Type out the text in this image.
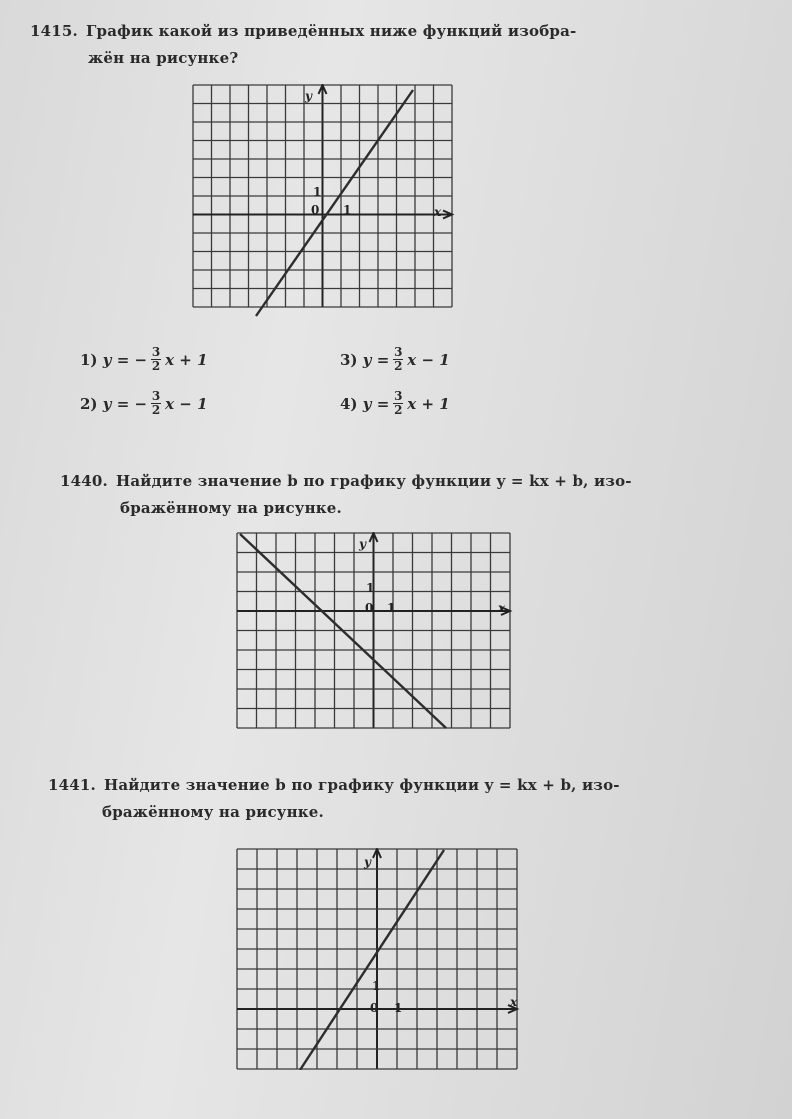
1415. График какой из приведённых ниже функций изобра-
жён на рисунке?
y
x
0 1
1
1)
y =
− $\frac{3}{2}$ x + 1
2)
y =
− $\frac{3}{2}$ x − 1
3)
$y = \frac{3}{2}$ x − 1
4)
$y = \frac{3}{2}$ x + 1
1440. Найдите значение b по графику функции y = kx + b, изо-
бражённому на рисунке.
y
x
0 1
1
1441. Найдите значение b по графику функции y = kx + b, изо-
бражённому на рисунке.
y
x
0 1
1
